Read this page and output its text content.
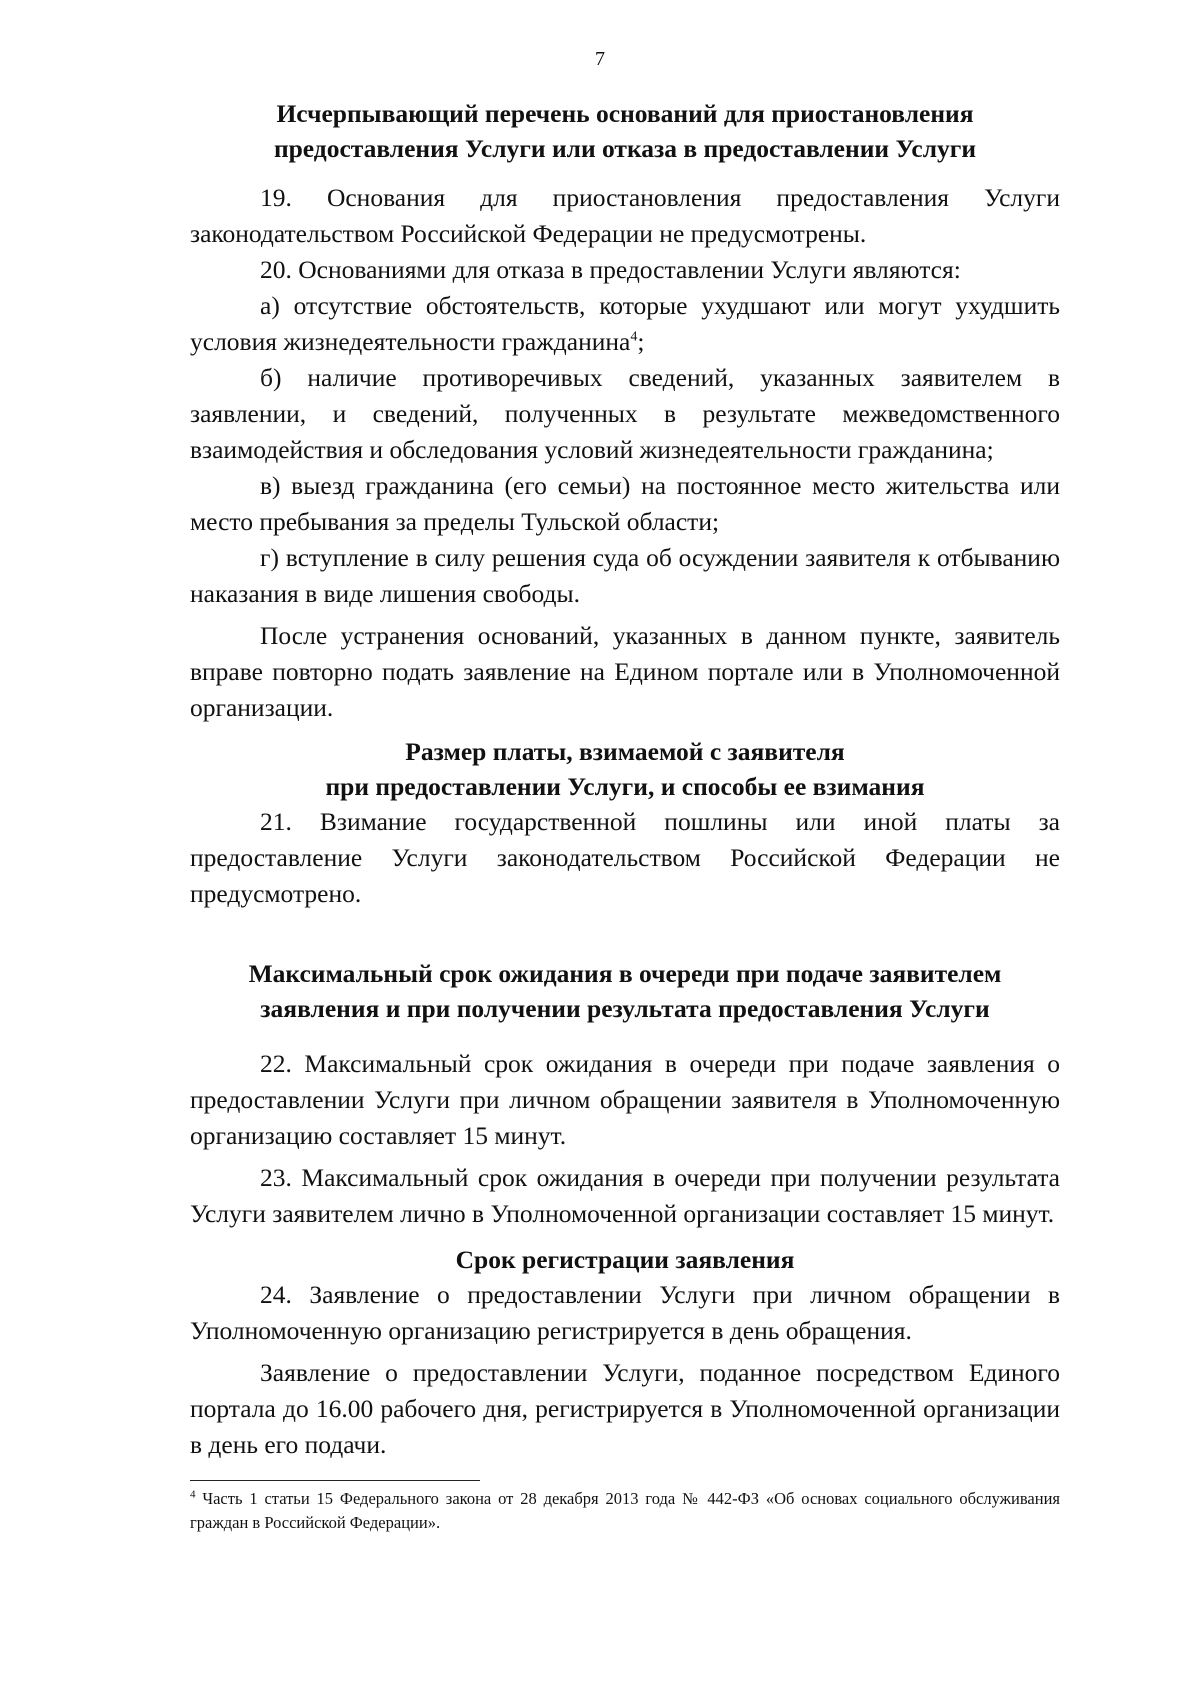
7
Исчерпывающий перечень оснований для приостановления
предоставления Услуги или отказа в предоставлении Услуги

19. Основания для приостановления предоставления Услуги законодательством Российской Федерации не предусмотрены.

20. Основаниями для отказа в предоставлении Услуги являются:

а) отсутствие обстоятельств, которые ухудшают или могут ухудшить условия жизнедеятельности гражданина$^4$;

б) наличие противоречивых сведений, указанных заявителем в заявлении, и сведений, полученных в результате межведомственного взаимодействия и обследования условий жизнедеятельности гражданина;

в) выезд гражданина (его семьи) на постоянное место жительства или место пребывания за пределы Тульской области;

г) вступление в силу решения суда об осуждении заявителя к отбыванию наказания в виде лишения свободы.

После устранения оснований, указанных в данном пункте, заявитель вправе повторно подать заявление на Едином портале или в Уполномоченной организации.

Размер платы, взимаемой с заявителя
при предоставлении Услуги, и способы ее взимания

21. Взимание государственной пошлины или иной платы за предоставление Услуги законодательством Российской Федерации не предусмотрено.

Максимальный срок ожидания в очереди при подаче заявителем
заявления и при получении результата предоставления Услуги

22. Максимальный срок ожидания в очереди при подаче заявления о предоставлении Услуги при личном обращении заявителя в Уполномоченную организацию составляет 15 минут.

23. Максимальный срок ожидания в очереди при получении результата Услуги заявителем лично в Уполномоченной организации составляет 15 минут.

Срок регистрации заявления

24. Заявление о предоставлении Услуги при личном обращении в Уполномоченную организацию регистрируется в день обращения.

Заявление о предоставлении Услуги, поданное посредством Единого портала до 16.00 рабочего дня, регистрируется в Уполномоченной организации в день его подачи.

$^4$ Часть 1 статьи 15 Федерального закона от 28 декабря 2013 года № 442-ФЗ «Об основах социального обслуживания граждан в Российской Федерации».
